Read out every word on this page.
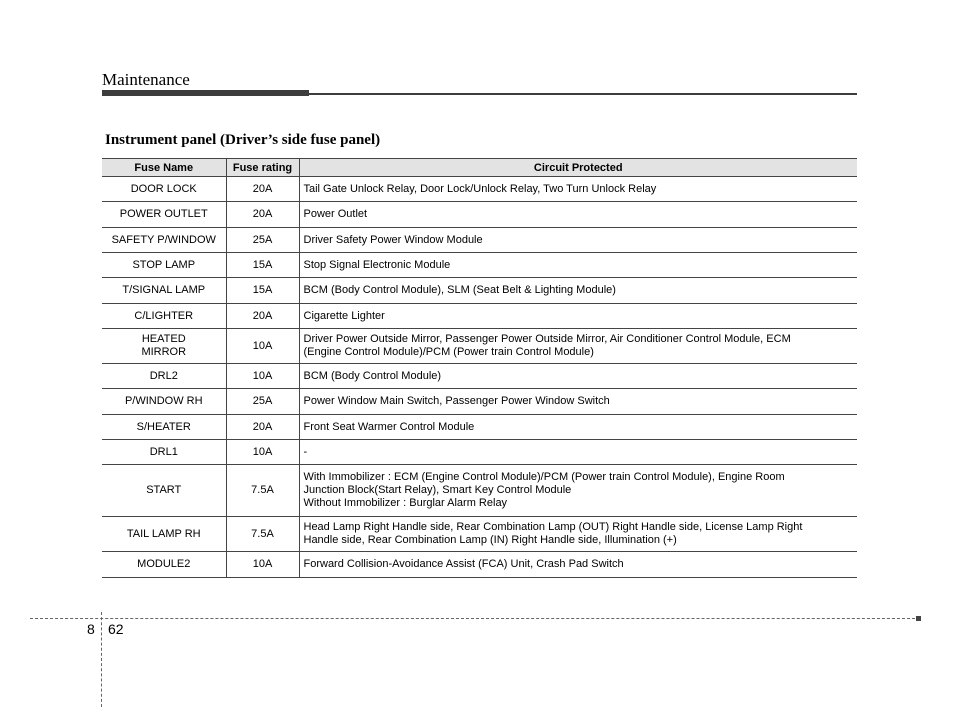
Maintenance
Instrument panel (Driver’s side fuse panel)
Fuse Name	Fuse rating	Circuit Protected
DOOR LOCK	20A	Tail Gate Unlock Relay, Door Lock/Unlock Relay, Two Turn Unlock Relay
POWER OUTLET	20A	Power Outlet
SAFETY P/WINDOW	25A	Driver Safety Power Window Module
STOP LAMP	15A	Stop Signal Electronic Module
T/SIGNAL LAMP	15A	BCM (Body Control Module), SLM (Seat Belt & Lighting Module)
C/LIGHTER	20A	Cigarette Lighter
HEATED
MIRROR	10A	Driver Power Outside Mirror, Passenger Power Outside Mirror, Air Conditioner Control Module, ECM
(Engine Control Module)/PCM (Power train Control Module)
DRL2	10A	BCM (Body Control Module)
P/WINDOW RH	25A	Power Window Main Switch, Passenger Power Window Switch
S/HEATER	20A	Front Seat Warmer Control Module
DRL1	10A	-
START	7.5A	With Immobilizer : ECM (Engine Control Module)/PCM (Power train Control Module), Engine Room
Junction Block(Start Relay), Smart Key Control Module
Without Immobilizer : Burglar Alarm Relay
TAIL LAMP RH	7.5A	Head Lamp Right Handle side, Rear Combination Lamp (OUT) Right Handle side, License Lamp Right
Handle side, Rear Combination Lamp (IN) Right Handle side, Illumination (+)
MODULE2	10A	Forward Collision-Avoidance Assist (FCA) Unit, Crash Pad Switch
8 62
